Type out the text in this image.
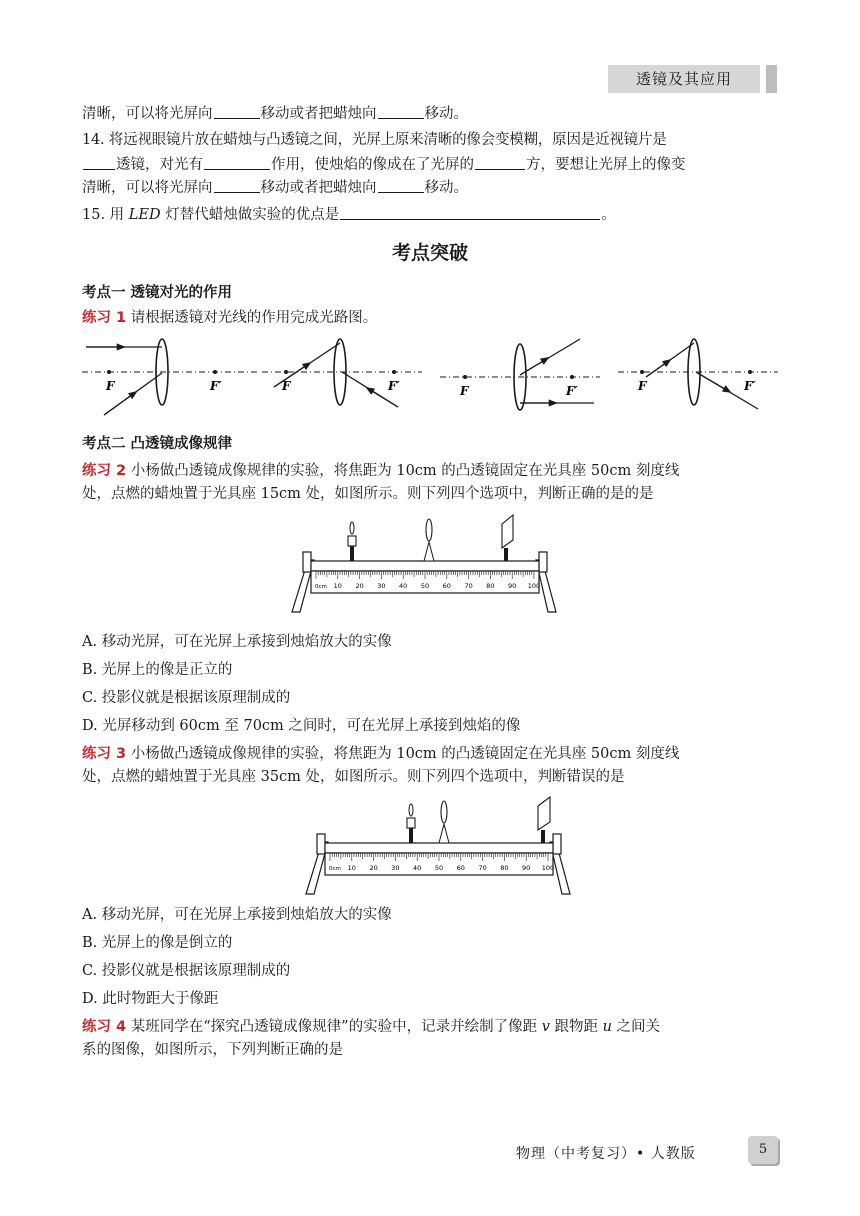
透镜及其应用
清晰，可以将光屏向	移动或者把蜡烛向	移动。
14. 将远视眼镜片放在蜡烛与凸透镜之间，光屏上原来清晰的像会变模糊，原因是近视镜片是
透镜，对光有	作用，使烛焰的像成在了光屏的	方，要想让光屏上的像变
清晰，可以将光屏向	移动或者把蜡烛向	移动。
15. 用 LED 灯替代蜡烛做实验的优点是	。
考点突破
考点一 透镜对光的作用
练习 1 请根据透镜对光线的作用完成光路图。
F	F′	F	F′	F	F′	F	F′
考点二 凸透镜成像规律
练习 2 小杨做凸透镜成像规律的实验，将焦距为 10cm 的凸透镜固定在光具座 50cm 刻度线
处，点燃的蜡烛置于光具座 15cm 处，如图所示。则下列四个选项中，判断正确的是的是
0cm 10 20 30 40 50 60 70 80 90 100
A. 移动光屏，可在光屏上承接到烛焰放大的实像
B. 光屏上的像是正立的
C. 投影仪就是根据该原理制成的
D. 光屏移动到 60cm 至 70cm 之间时，可在光屏上承接到烛焰的像
练习 3 小杨做凸透镜成像规律的实验，将焦距为 10cm 的凸透镜固定在光具座 50cm 刻度线
处，点燃的蜡烛置于光具座 35cm 处，如图所示。则下列四个选项中，判断错误的是
0cm 10 20 30 40 50 60 70 80 90 100
A. 移动光屏，可在光屏上承接到烛焰放大的实像
B. 光屏上的像是倒立的
C. 投影仪就是根据该原理制成的
D. 此时物距大于像距
练习 4 某班同学在“探究凸透镜成像规律”的实验中，记录并绘制了像距 v 跟物距 u 之间关
系的图像，如图所示，下列判断正确的是
物理（中考复习）• 人教版	5
